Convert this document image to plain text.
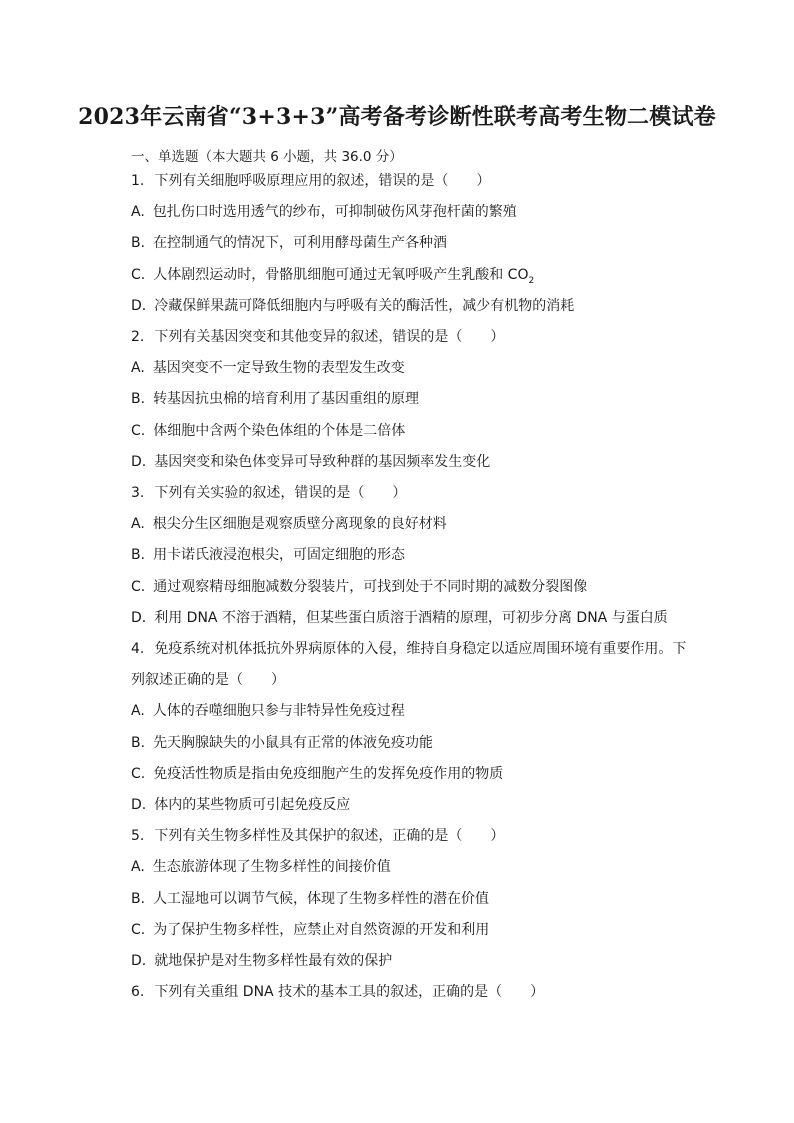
2023年云南省“3+3+3”高考备考诊断性联考高考生物二模试卷
一、单选题（本大题共 6 小题，共 36.0 分）
1. 下列有关细胞呼吸原理应用的叙述，错误的是（　　）
A. 包扎伤口时选用透气的纱布，可抑制破伤风芽孢杆菌的繁殖
B. 在控制通气的情况下，可利用酵母菌生产各种酒
C. 人体剧烈运动时，骨骼肌细胞可通过无氧呼吸产生乳酸和 $CO_2$
D. 冷藏保鲜果蔬可降低细胞内与呼吸有关的酶活性，减少有机物的消耗
2. 下列有关基因突变和其他变异的叙述，错误的是（　　）
A. 基因突变不一定导致生物的表型发生改变
B. 转基因抗虫棉的培育利用了基因重组的原理
C. 体细胞中含两个染色体组的个体是二倍体
D. 基因突变和染色体变异可导致种群的基因频率发生变化
3. 下列有关实验的叙述，错误的是（　　）
A. 根尖分生区细胞是观察质壁分离现象的良好材料
B. 用卡诺氏液浸泡根尖，可固定细胞的形态
C. 通过观察精母细胞减数分裂装片，可找到处于不同时期的减数分裂图像
D. 利用 DNA 不溶于酒精，但某些蛋白质溶于酒精的原理，可初步分离 DNA 与蛋白质
4. 免疫系统对机体抵抗外界病原体的入侵，维持自身稳定以适应周围环境有重要作用。下列叙述正确的是（　　）
A. 人体的吞噬细胞只参与非特异性免疫过程
B. 先天胸腺缺失的小鼠具有正常的体液免疫功能
C. 免疫活性物质是指由免疫细胞产生的发挥免疫作用的物质
D. 体内的某些物质可引起免疫反应
5. 下列有关生物多样性及其保护的叙述，正确的是（　　）
A. 生态旅游体现了生物多样性的间接价值
B. 人工湿地可以调节气候，体现了生物多样性的潜在价值
C. 为了保护生物多样性，应禁止对自然资源的开发和利用
D. 就地保护是对生物多样性最有效的保护
6. 下列有关重组 DNA 技术的基本工具的叙述，正确的是（　　）
